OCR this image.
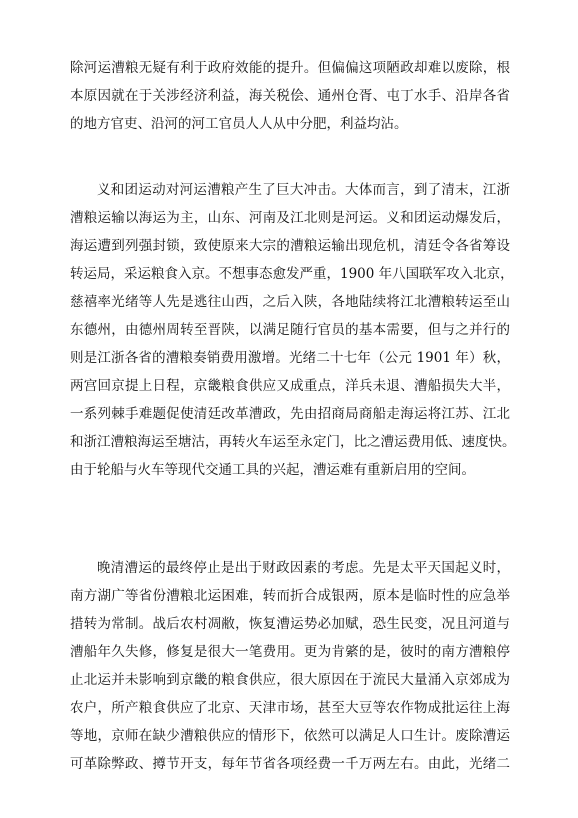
除河运漕粮无疑有利于政府效能的提升。但偏偏这项陋政却难以废除，根
本原因就在于关涉经济利益，海关税侩、通州仓胥、屯丁水手、沿岸各省
的地方官吏、沿河的河工官员人人从中分肥，利益均沾。
义和团运动对河运漕粮产生了巨大冲击。大体而言，到了清末，江浙
漕粮运输以海运为主，山东、河南及江北则是河运。义和团运动爆发后，
海运遭到列强封锁，致使原来大宗的漕粮运输出现危机，清廷令各省筹设
转运局，采运粮食入京。不想事态愈发严重，1900 年八国联军攻入北京，
慈禧率光绪等人先是逃往山西，之后入陕，各地陆续将江北漕粮转运至山
东德州，由德州周转至晋陕，以满足随行官员的基本需要，但与之并行的
则是江浙各省的漕粮奏销费用激增。光绪二十七年（公元 1901 年）秋，
两宫回京提上日程，京畿粮食供应又成重点，洋兵未退、漕船损失大半，
一系列棘手难题促使清廷改革漕政，先由招商局商船走海运将江苏、江北
和浙江漕粮海运至塘沽，再转火车运至永定门，比之漕运费用低、速度快。
由于轮船与火车等现代交通工具的兴起，漕运难有重新启用的空间。
晚清漕运的最终停止是出于财政因素的考虑。先是太平天国起义时，
南方湖广等省份漕粮北运困难，转而折合成银两，原本是临时性的应急举
措转为常制。战后农村凋敝，恢复漕运势必加赋，恐生民变，况且河道与
漕船年久失修，修复是很大一笔费用。更为肯綮的是，彼时的南方漕粮停
止北运并未影响到京畿的粮食供应，很大原因在于流民大量涌入京郊成为
农户，所产粮食供应了北京、天津市场，甚至大豆等农作物成批运往上海
等地，京师在缺少漕粮供应的情形下，依然可以满足人口生计。废除漕运
可革除弊政、撙节开支，每年节省各项经费一千万两左右。由此，光绪二
